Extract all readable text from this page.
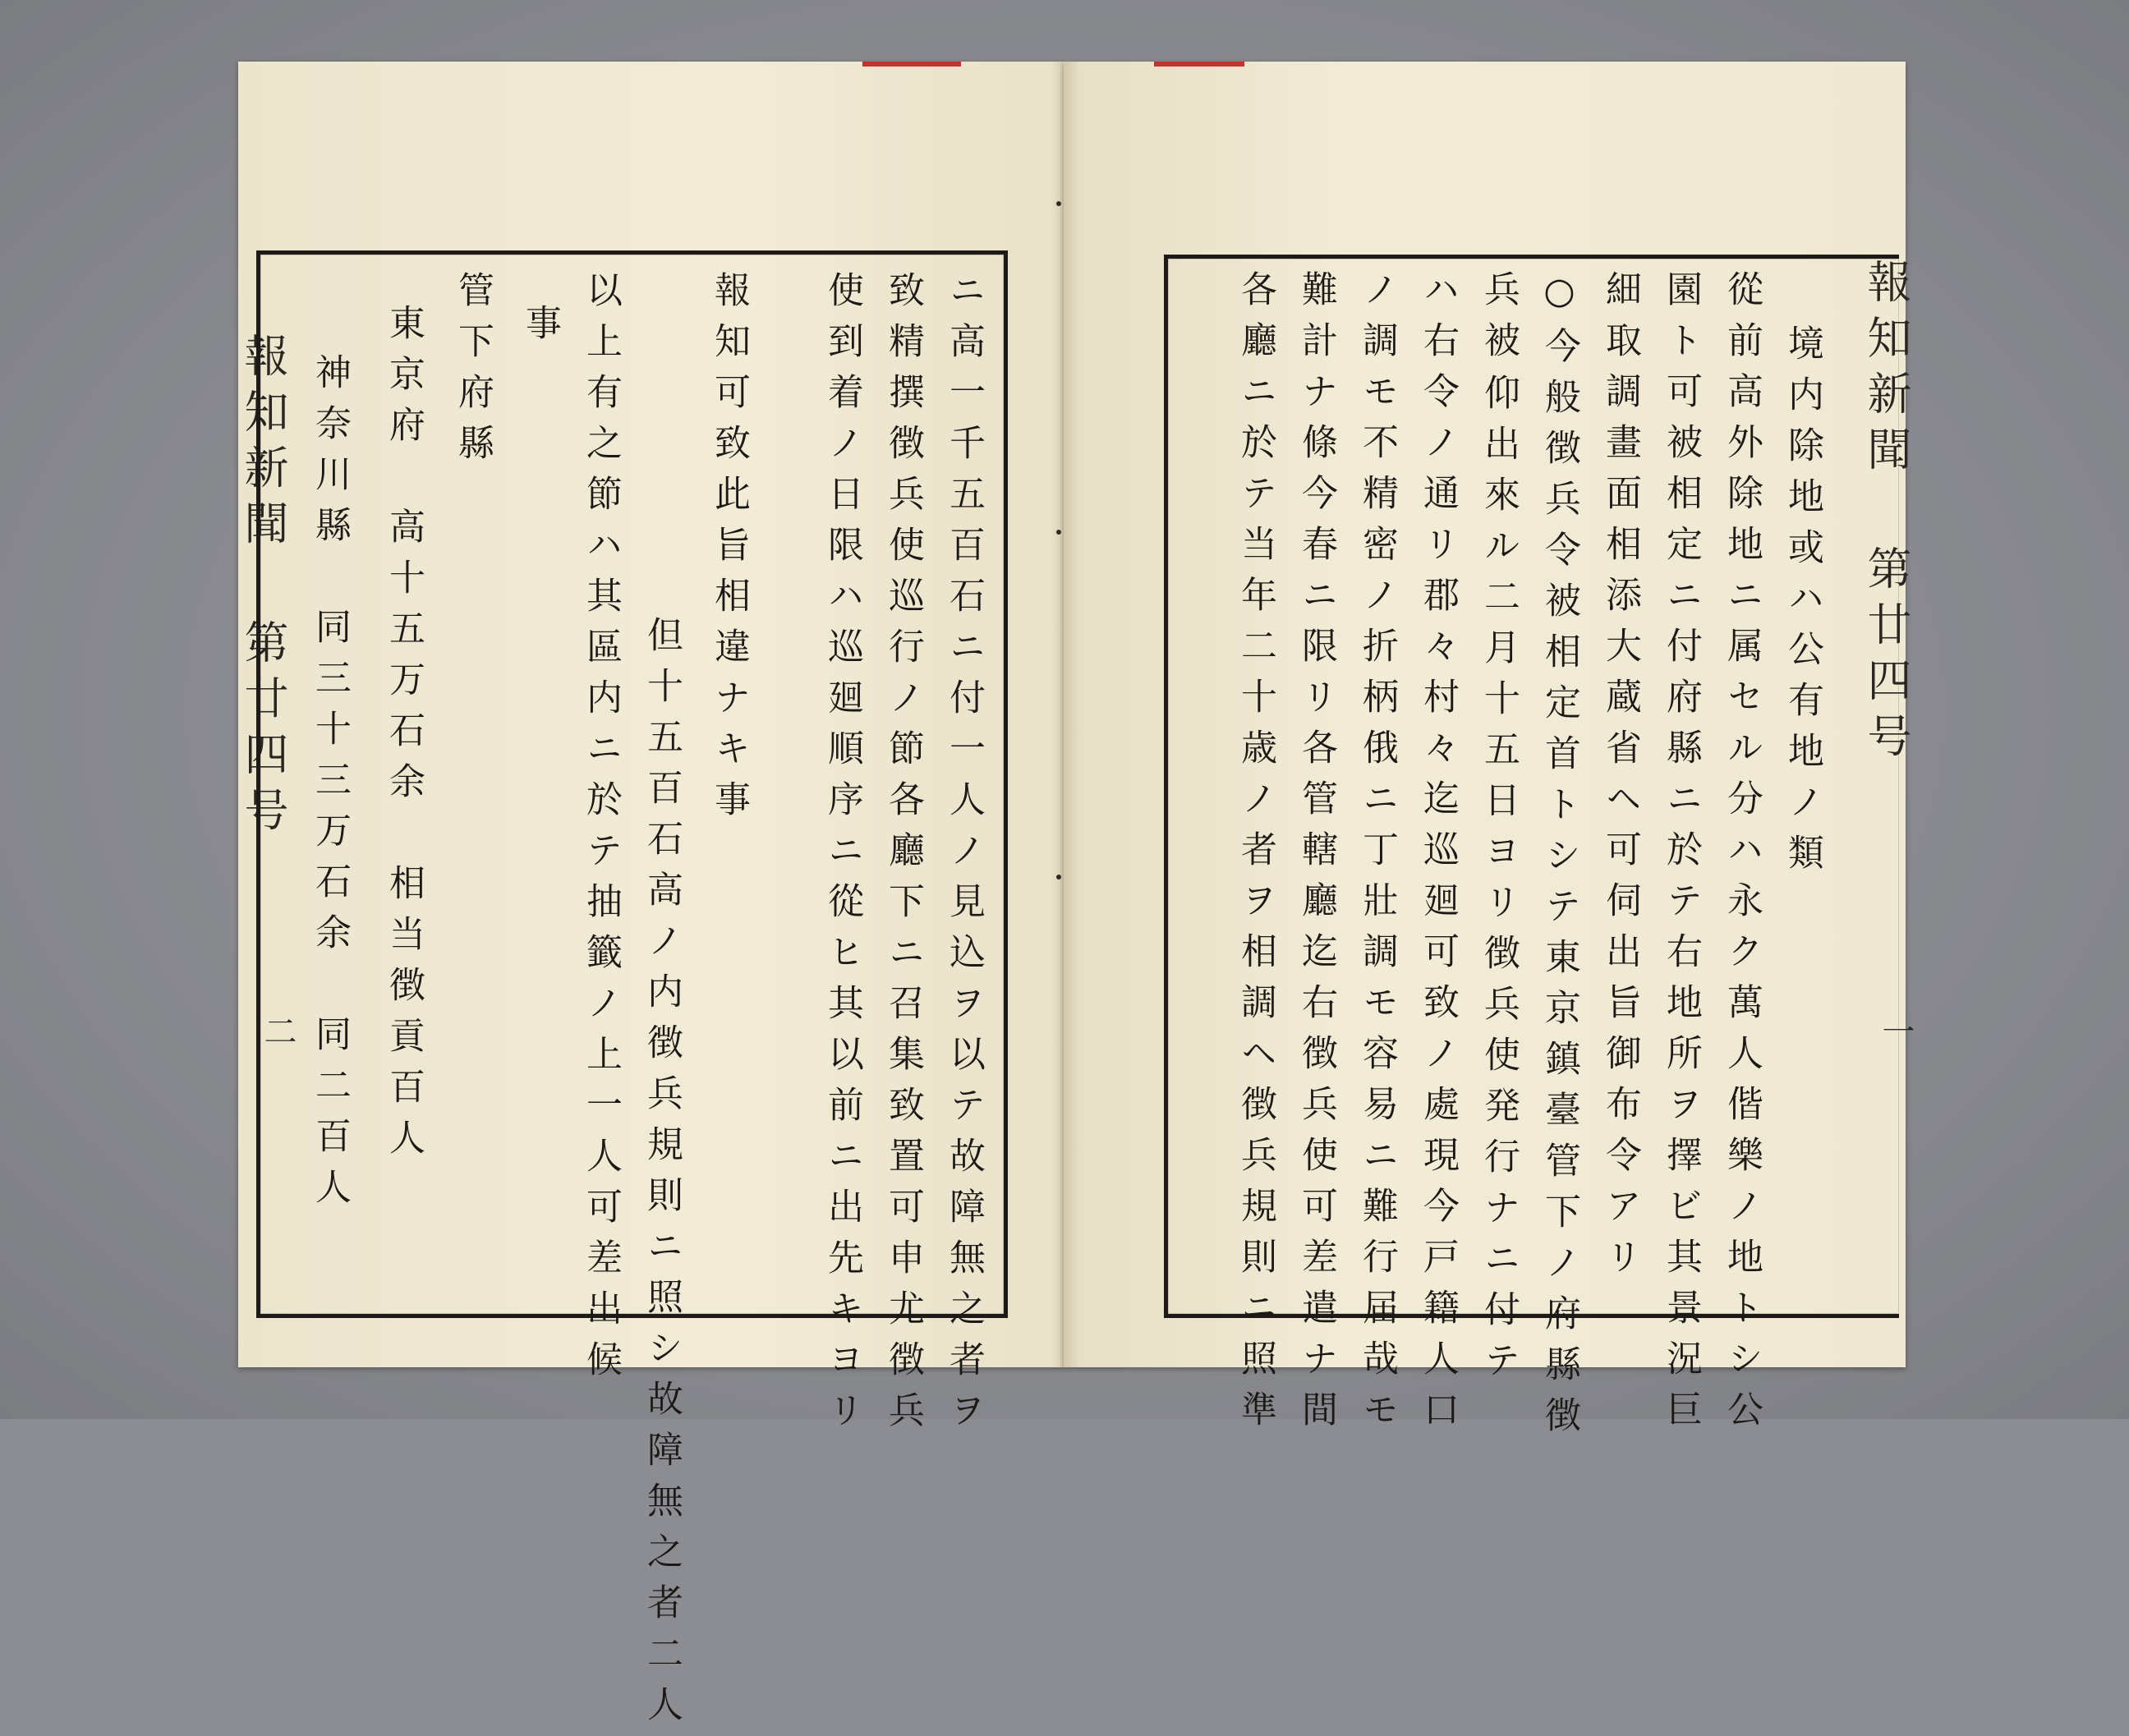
報知新聞 第廿四号	ニ高一千五百石ニ付一人ノ見込ヲ以テ故障無之者ヲ
致精撰徴兵使巡行ノ節各廳下ニ召集致置可申尤徴兵
使到着ノ日限ハ巡廻順序ニ從ヒ其以前ニ出先キヨリ
報知可致此旨相違ナキ事
但十五百石高ノ内徴兵規則ニ照シ故障無之者二人
以上有之節ハ其區内ニ於テ抽籤ノ上一人可差出候
事
管下府縣
東京府　高十五万石余　相当徴貢百人
神奈川縣　同三十三万石余　同二百人
二
境内除地或ハ公有地ノ類
從前高外除地ニ属セル分ハ永ク萬人偕樂ノ地トシ公
園ト可被相定ニ付府縣ニ於テ右地所ヲ擇ビ其景況巨
細取調畫面相添大蔵省ヘ可伺出旨御布令アリ
○今般徴兵令被相定首トシテ東京鎮臺管下ノ府縣徴
兵被
仰出來ル二月十五日ヨリ徴兵使発行ナニ付テ
ハ右令ノ通リ郡々村々迄巡廻可致ノ處現今戸籍人口
ノ調モ不精密ノ折柄俄ニ丁壯調モ容易ニ難行届哉モ
難計ナ條今春ニ限リ各管轄廳迄右徴兵使可差遣ナ間
各廳ニ於テ当年二十歳ノ者ヲ相調ヘ徴兵規則ニ照準	報知新聞 第廿四号
一
